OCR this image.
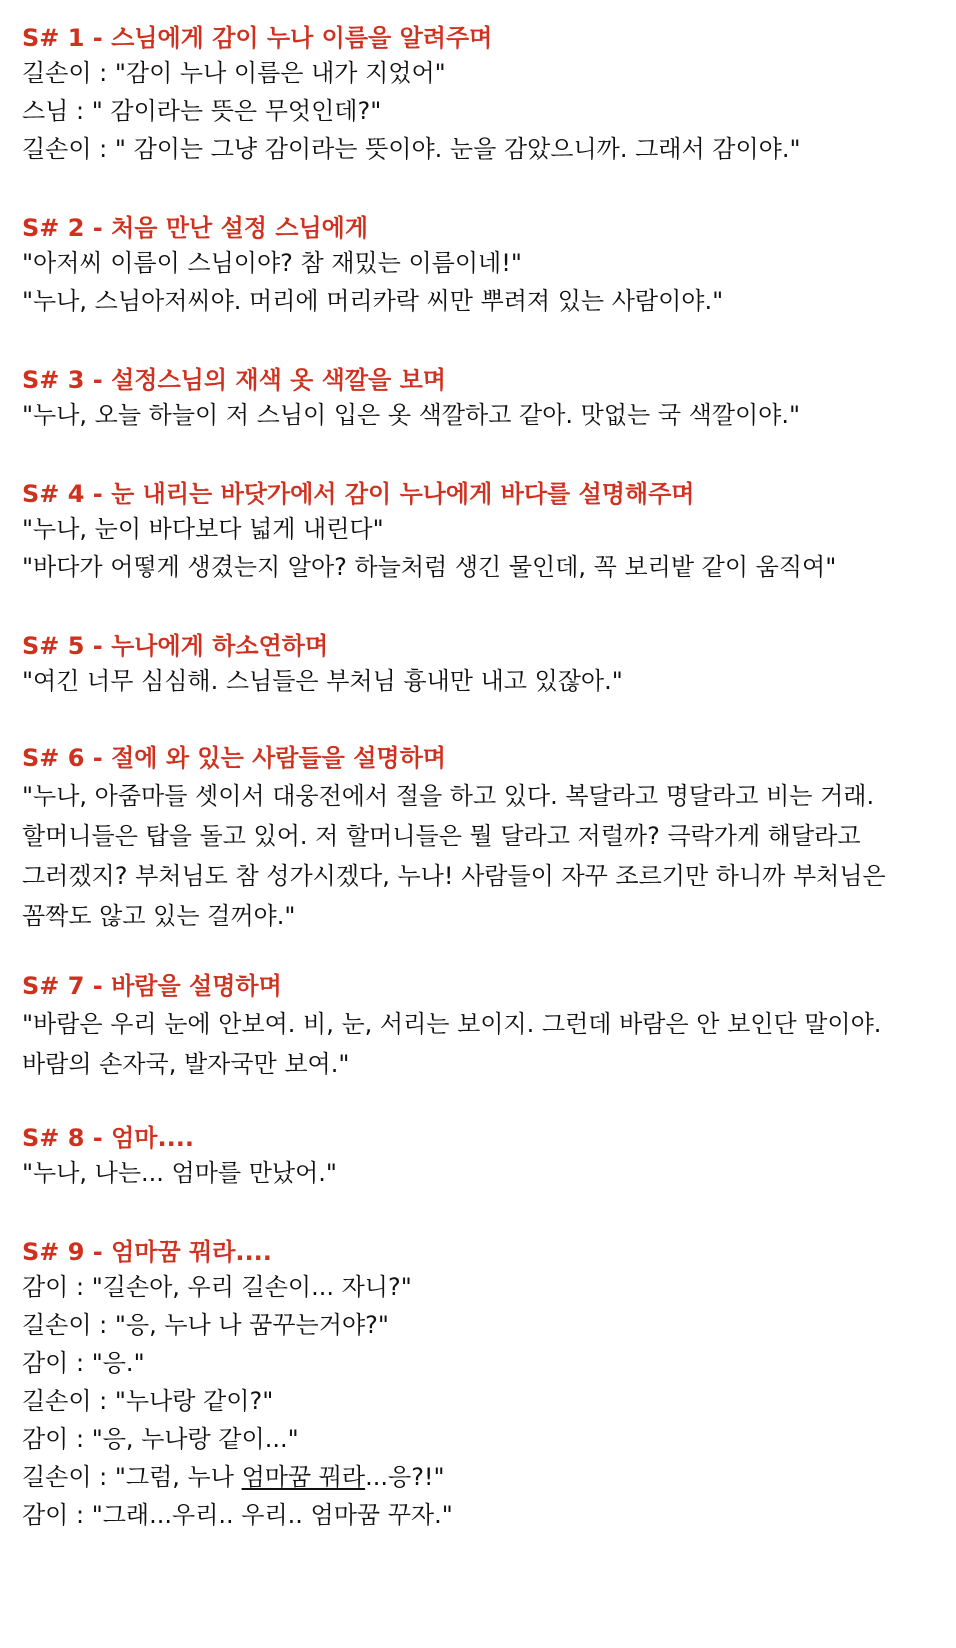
S# 1 - 스님에게 감이 누나 이름을 알려주며
길손이 : "감이 누나 이름은 내가 지었어"
스님 : " 감이라는 뜻은 무엇인데?"
길손이 : " 감이는 그냥 감이라는 뜻이야. 눈을 감았으니까. 그래서 감이야."
S# 2 - 처음 만난 설정 스님에게
"아저씨 이름이 스님이야? 참 재밌는 이름이네!"
"누나, 스님아저씨야. 머리에 머리카락 씨만 뿌려져 있는 사람이야."
S# 3 - 설정스님의 재색 옷 색깔을 보며
"누나, 오늘 하늘이 저 스님이 입은 옷 색깔하고 같아. 맛없는 국 색깔이야."
S# 4 - 눈 내리는 바닷가에서 감이 누나에게 바다를 설명해주며
"누나, 눈이 바다보다 넓게 내린다"
"바다가 어떻게 생겼는지 알아? 하늘처럼 생긴 물인데, 꼭 보리밭 같이 움직여"
S# 5 - 누나에게 하소연하며
"여긴 너무 심심해. 스님들은 부처님 흉내만 내고 있잖아."
S# 6 - 절에 와 있는 사람들을 설명하며
"누나, 아줌마들 셋이서 대웅전에서 절을 하고 있다. 복달라고 명달라고 비는 거래. 할머니들은 탑을 돌고 있어. 저 할머니들은 뭘 달라고 저럴까? 극락가게 해달라고 그러겠지? 부처님도 참 성가시겠다, 누나! 사람들이 자꾸 조르기만 하니까 부처님은 꼼짝도 않고 있는 걸꺼야."
S# 7 - 바람을 설명하며
"바람은 우리 눈에 안보여. 비, 눈, 서리는 보이지. 그런데 바람은 안 보인단 말이야. 바람의 손자국, 발자국만 보여."
S# 8 - 엄마....
"누나, 나는... 엄마를 만났어."
S# 9 - 엄마꿈 꿔라....
감이 : "길손아, 우리 길손이... 자니?"
길손이 : "응, 누나 나 꿈꾸는거야?"
감이 : "응."
길손이 : "누나랑 같이?"
감이 : "응, 누나랑 같이..."
길손이 : "그럼, 누나 엄마꿈 꿔라...응?!"
감이 : "그래...우리.. 우리.. 엄마꿈 꾸자."
